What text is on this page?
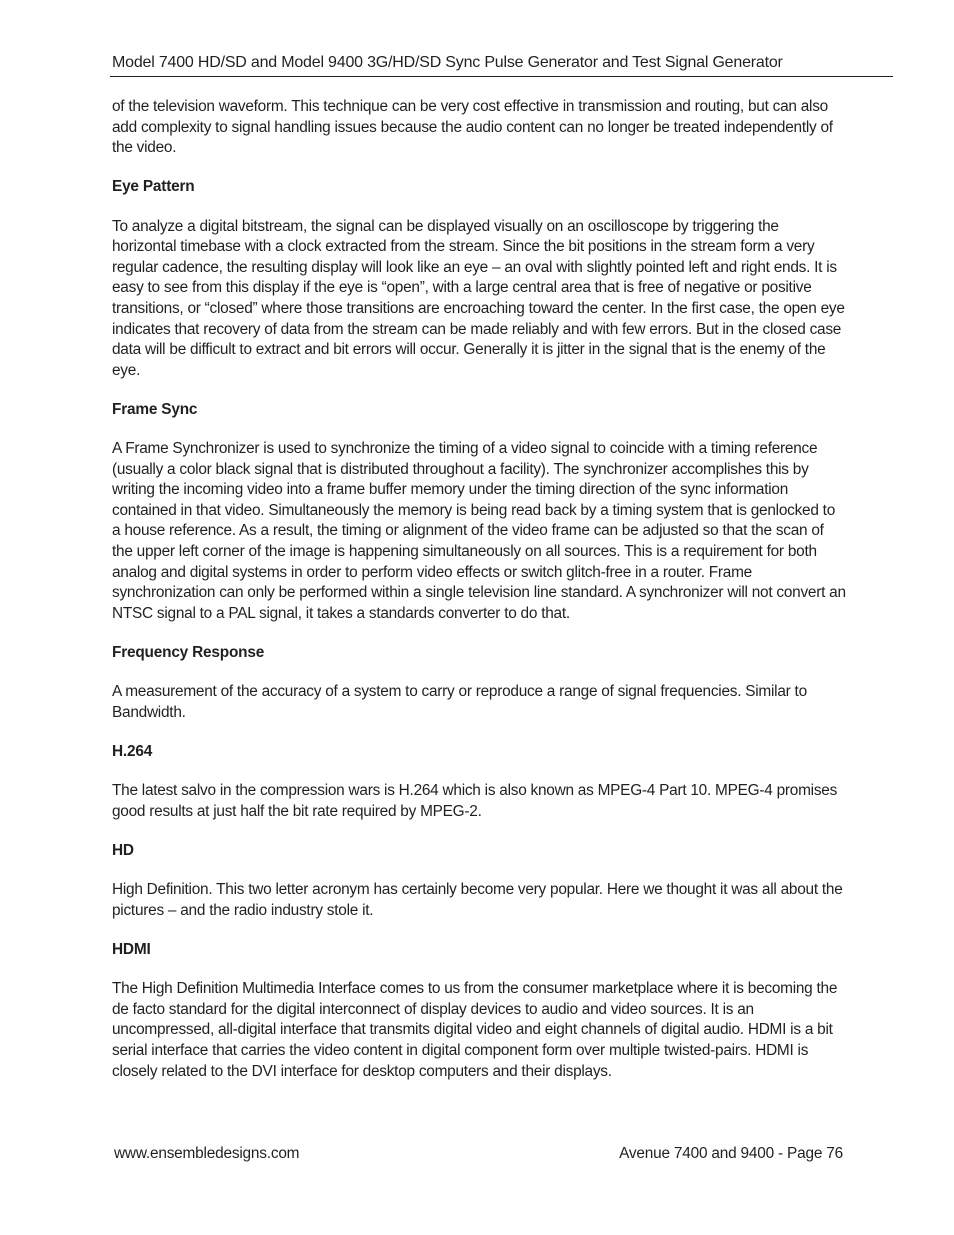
Model 7400 HD/SD and Model 9400 3G/HD/SD Sync Pulse Generator and Test Signal Generator

of the television waveform. This technique can be very cost effective in transmission and routing, but can also add complexity to signal handling issues because the audio content can no longer be treated independently of the video.

Eye Pattern

To analyze a digital bitstream, the signal can be displayed visually on an oscilloscope by triggering the horizontal timebase with a clock extracted from the stream. Since the bit positions in the stream form a very regular cadence, the resulting display will look like an eye – an oval with slightly pointed left and right ends. It is easy to see from this display if the eye is “open”, with a large central area that is free of negative or positive transitions, or “closed” where those transitions are encroaching toward the center. In the first case, the open eye indicates that recovery of data from the stream can be made reliably and with few errors. But in the closed case data will be difficult to extract and bit errors will occur. Generally it is jitter in the signal that is the enemy of the eye.

Frame Sync

A Frame Synchronizer is used to synchronize the timing of a video signal to coincide with a timing reference (usually a color black signal that is distributed throughout a facility). The synchronizer accomplishes this by writing the incoming video into a frame buffer memory under the timing direction of the sync information contained in that video. Simultaneously the memory is being read back by a timing system that is genlocked to a house reference. As a result, the timing or alignment of the video frame can be adjusted so that the scan of the upper left corner of the image is happening simultaneously on all sources. This is a requirement for both analog and digital systems in order to perform video effects or switch glitch-free in a router. Frame synchronization can only be performed within a single television line standard. A synchronizer will not convert an NTSC signal to a PAL signal, it takes a standards converter to do that.

Frequency Response

A measurement of the accuracy of a system to carry or reproduce a range of signal frequencies. Similar to Bandwidth.

H.264

The latest salvo in the compression wars is H.264 which is also known as MPEG-4 Part 10. MPEG-4 promises good results at just half the bit rate required by MPEG-2.

HD

High Definition. This two letter acronym has certainly become very popular. Here we thought it was all about the pictures – and the radio industry stole it.

HDMI

The High Definition Multimedia Interface comes to us from the consumer marketplace where it is becoming the de facto standard for the digital interconnect of display devices to audio and video sources. It is an uncompressed, all-digital interface that transmits digital video and eight channels of digital audio. HDMI is a bit serial interface that carries the video content in digital component form over multiple twisted-pairs. HDMI is closely related to the DVI interface for desktop computers and their displays.

www.ensembledesigns.com	Avenue 7400 and 9400 - Page 76
